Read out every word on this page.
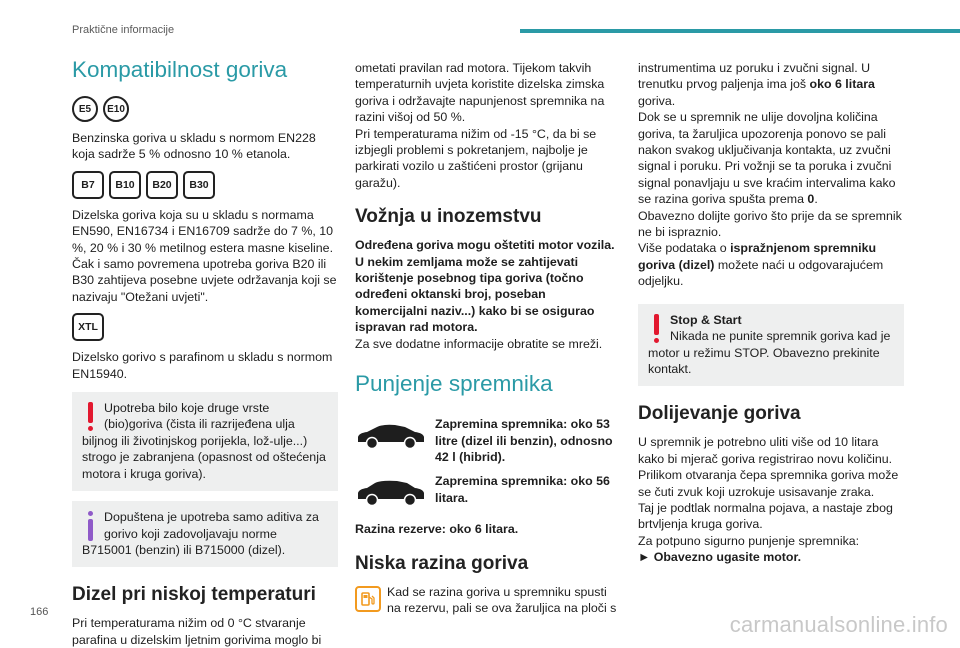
Praktične informacije
Kompatibilnost goriva
E5	E10

Benzinska goriva u skladu s normom EN228 koja sadrže 5 % odnosno 10 % etanola.

B7	B10	B20	B30

Dizelska goriva koja su u skladu s normama EN590, EN16734 i EN16709 sadrže do 7 %, 10 %, 20 % i 30 % metilnog estera masne kiseline. Čak i samo povremena upotreba goriva B20 ili B30 zahtijeva posebne uvjete održavanja koji se nazivaju "Otežani uvjeti".

XTL

Dizelsko gorivo s parafinom u skladu s normom EN15940.

Upotreba bilo koje druge vrste (bio)goriva (čista ili razrijeđena ulja biljnog ili životinjskog porijekla, lož-ulje...) strogo je zabranjena (opasnost od oštećenja motora i kruga goriva).

Dopuštena je upotreba samo aditiva za gorivo koji zadovoljavaju norme B715001 (benzin) ili B715000 (dizel).

Dizel pri niskoj temperaturi

Pri temperaturama nižim od 0 °C stvaranje parafina u dizelskim ljetnim gorivima moglo bi

ometati pravilan rad motora. Tijekom takvih temperaturnih uvjeta koristite dizelska zimska goriva i održavajte napunjenost spremnika na razini višoj od 50 %.

Pri temperaturama nižim od -15 °C, da bi se izbjegli problemi s pokretanjem, najbolje je parkirati vozilo u zaštićeni prostor (grijanu garažu).

Vožnja u inozemstvu

Određena goriva mogu oštetiti motor vozila. U nekim zemljama može se zahtijevati korištenje posebnog tipa goriva (točno određeni oktanski broj, poseban komercijalni naziv...) kako bi se osigurao ispravan rad motora.

Za sve dodatne informacije obratite se mreži.

Punjenje spremnika

Zapremina spremnika: oko 53 litre (dizel ili benzin), odnosno 42 l (hibrid).

Zapremina spremnika: oko 56 litara.

Razina rezerve: oko 6 litara.

Niska razina goriva

Kad se razina goriva u spremniku spusti na rezervu, pali se ova žaruljica na ploči s

instrumentima uz poruku i zvučni signal. U trenutku prvog paljenja ima još oko 6 litara goriva.

Dok se u spremnik ne ulije dovoljna količina goriva, ta žaruljica upozorenja ponovo se pali nakon svakog uključivanja kontakta, uz zvučni signal i poruku. Pri vožnji se ta poruka i zvučni signal ponavljaju u sve kraćim intervalima kako se razina goriva spušta prema 0.

Obavezno dolijte gorivo što prije da se spremnik ne bi ispraznio.

Više podataka o ispražnjenom spremniku goriva (dizel) možete naći u odgovarajućem odjeljku.

Stop & Start

Nikada ne punite spremnik goriva kad je motor u režimu STOP. Obavezno prekinite kontakt.

Dolijevanje goriva

U spremnik je potrebno uliti više od 10 litara kako bi mjerač goriva registrirao novu količinu.

Prilikom otvaranja čepa spremnika goriva može se čuti zvuk koji uzrokuje usisavanje zraka.

Taj je podtlak normalna pojava, a nastaje zbog brtvljenja kruga goriva.

Za potpuno sigurno punjenje spremnika:

► Obavezno ugasite motor.

166	carmanualsonline.info
